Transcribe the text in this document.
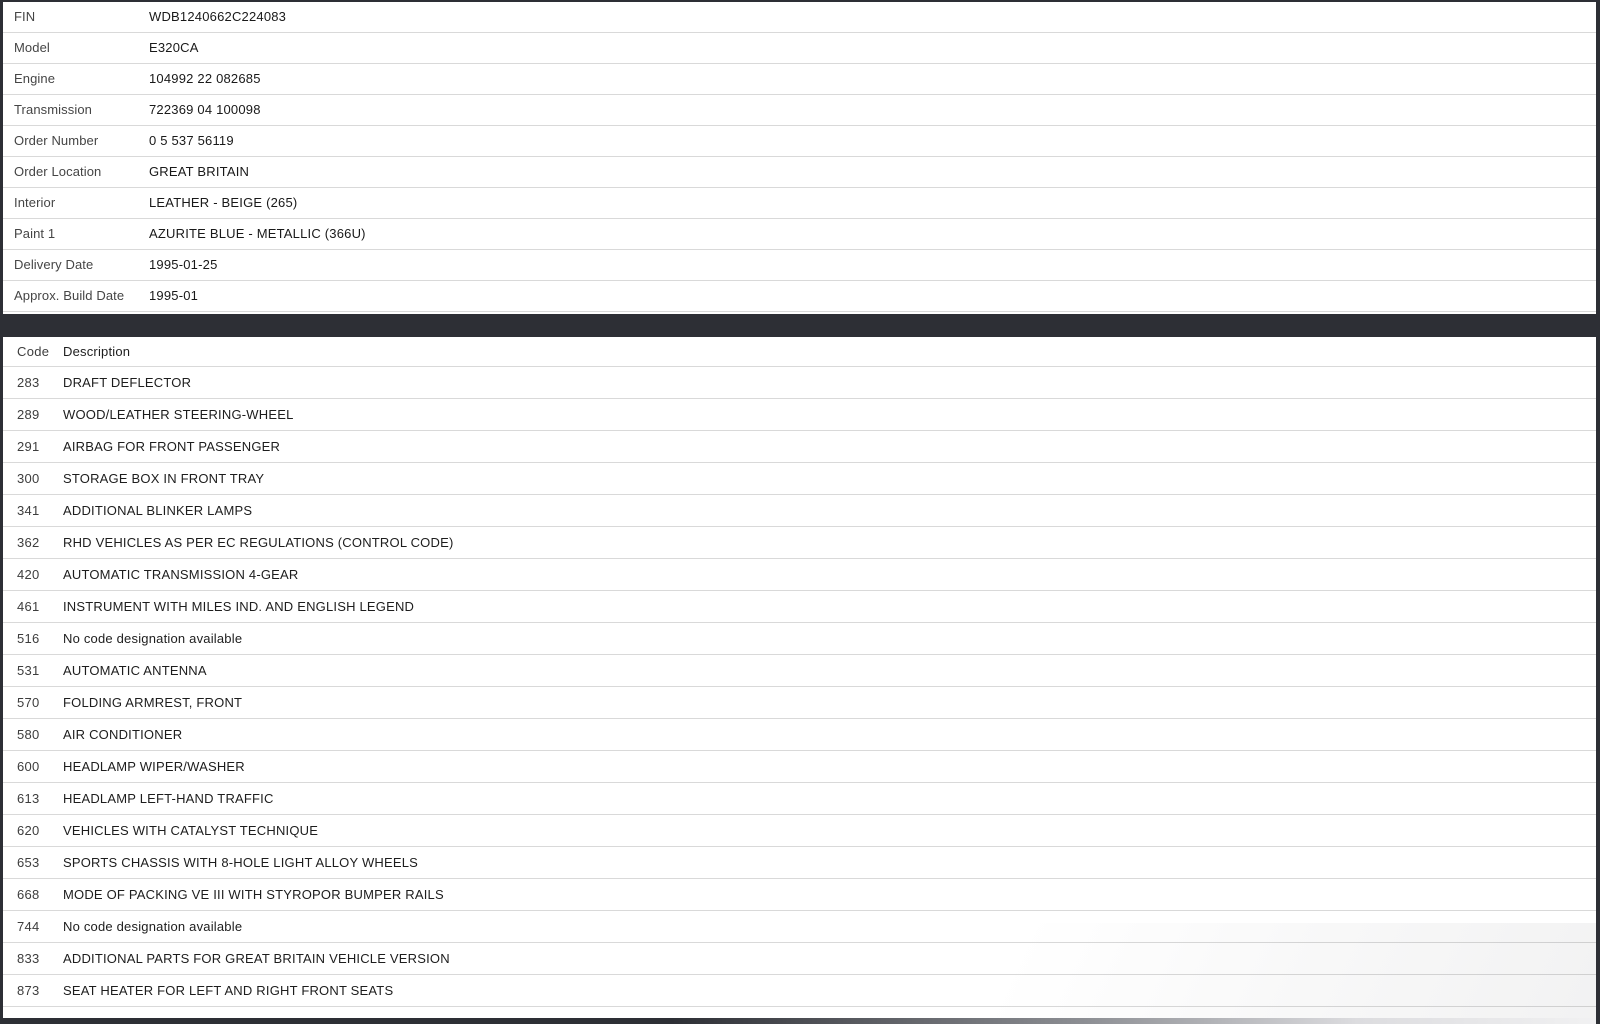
FIN	WDB1240662C224083
Model	E320CA
Engine	104992 22 082685
Transmission	722369 04 100098
Order Number	0 5 537 56119
Order Location	GREAT BRITAIN
Interior	LEATHER - BEIGE (265)
Paint 1	AZURITE BLUE - METALLIC (366U)
Delivery Date	1995-01-25
Approx. Build Date	1995-01
Code	Description
283	DRAFT DEFLECTOR
289	WOOD/LEATHER STEERING-WHEEL
291	AIRBAG FOR FRONT PASSENGER
300	STORAGE BOX IN FRONT TRAY
341	ADDITIONAL BLINKER LAMPS
362	RHD VEHICLES AS PER EC REGULATIONS (CONTROL CODE)
420	AUTOMATIC TRANSMISSION 4-GEAR
461	INSTRUMENT WITH MILES IND. AND ENGLISH LEGEND
516	No code designation available
531	AUTOMATIC ANTENNA
570	FOLDING ARMREST, FRONT
580	AIR CONDITIONER
600	HEADLAMP WIPER/WASHER
613	HEADLAMP LEFT-HAND TRAFFIC
620	VEHICLES WITH CATALYST TECHNIQUE
653	SPORTS CHASSIS WITH 8-HOLE LIGHT ALLOY WHEELS
668	MODE OF PACKING VE III WITH STYROPOR BUMPER RAILS
744	No code designation available
833	ADDITIONAL PARTS FOR GREAT BRITAIN VEHICLE VERSION
873	SEAT HEATER FOR LEFT AND RIGHT FRONT SEATS
